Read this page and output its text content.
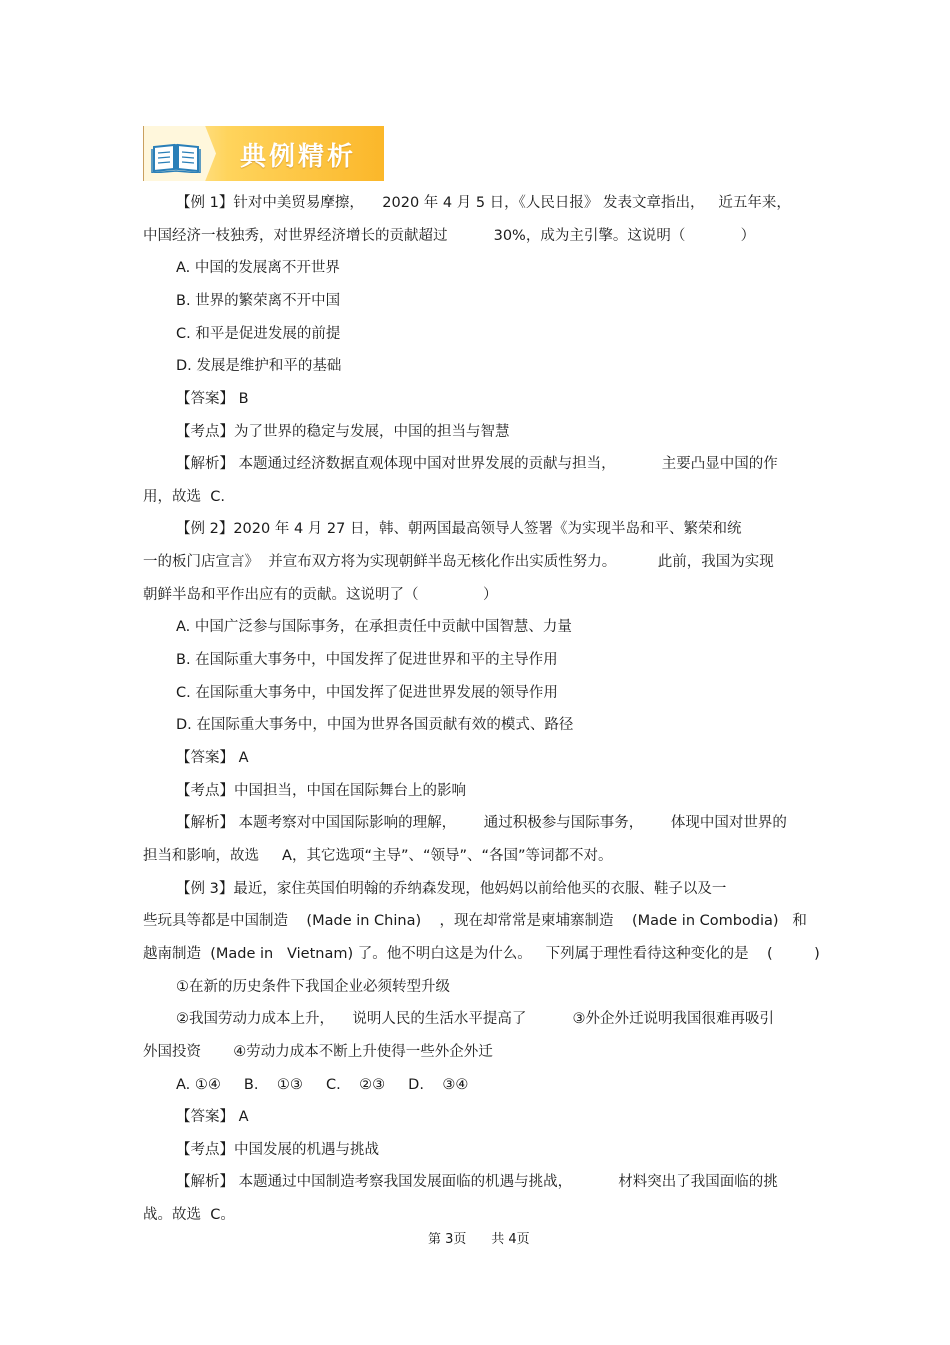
典例精析
【例 1】针对中美贸易摩擦，    2020 年 4 月 5 日，《人民日报》 发表文章指出，   近五年来，
中国经济一枝独秀，对世界经济增长的贡献超过          30%，成为主引擎。这说明（            ）
A. 中国的发展离不开世界
B. 世界的繁荣离不开中国
C. 和平是促进发展的前提
D. 发展是维护和平的基础
【答案】 B
【考点】为了世界的稳定与发展，中国的担当与智慧
【解析】 本题通过经济数据直观体现中国对世界发展的贡献与担当，          主要凸显中国的作
用，故选  C.
【例 2】2020 年 4 月 27 日，韩、朝两国最高领导人签署《为实现半岛和平、繁荣和统
一的板门店宣言》  并宣布双方将为实现朝鲜半岛无核化作出实质性努力。         此前，我国为实现
朝鲜半岛和平作出应有的贡献。这说明了（              ）
A. 中国广泛参与国际事务，在承担责任中贡献中国智慧、力量
B. 在国际重大事务中，中国发挥了促进世界和平的主导作用
C. 在国际重大事务中，中国发挥了促进世界发展的领导作用
D. 在国际重大事务中，中国为世界各国贡献有效的模式、路径
【答案】 A
【考点】中国担当，中国在国际舞台上的影响
【解析】 本题考察对中国国际影响的理解，      通过积极参与国际事务，      体现中国对世界的
担当和影响，故选     A，其它选项“主导”、“领导”、“各国”等词都不对。
【例 3】最近，家住英国伯明翰的乔纳森发现，他妈妈以前给他买的衣服、鞋子以及一
些玩具等都是中国制造    (Made in China)    ，现在却常常是柬埔寨制造    (Made in Combodia)   和
越南制造  (Made in   Vietnam) 了。他不明白这是为什么。   下列属于理性看待这种变化的是    (         )
①在新的历史条件下我国企业必须转型升级
②我国劳动力成本上升，    说明人民的生活水平提高了          ③外企外迁说明我国很难再吸引
外国投资       ④劳动力成本不断上升使得一些外企外迁
A. ①④     B.    ①③     C.    ②③     D.    ③④
【答案】 A
【考点】中国发展的机遇与挑战
【解析】 本题通过中国制造考察我国发展面临的机遇与挑战，          材料突出了我国面临的挑
战。故选  C。
第 3页      共 4页
